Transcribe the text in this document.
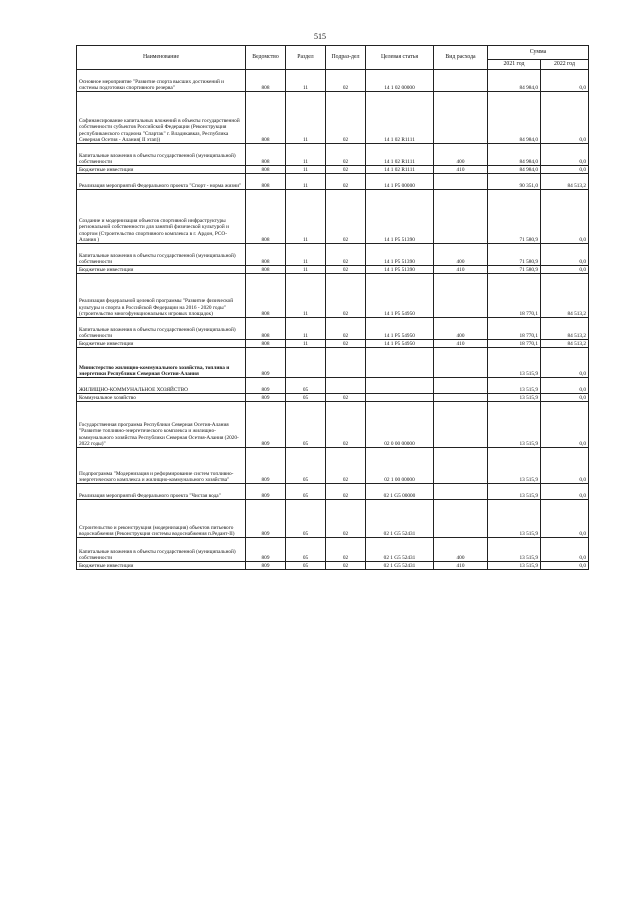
515
Наименование	Ведомство	Раздел	Подраз-дел	Целевая статья	Вид расхода	Сумма	
						2021 год	2022 год
Основное мероприятие "Развитие спорта высших достижений и системы подготовки спортивного резерва"	808	11	02	14 1 02 00000		84 984,0	0,0
Софинансирование капитальных вложений в объекты государственной собственности субъектов Российской Федерации (Реконструкция республиканского стадиона "Спартак" г. Владикавказ, Республика Северная Осетия - Алания( II этап))	808	11	02	14 1 02 R1111		84 984,0	0,0
Капитальные вложения в объекты государственной (муниципальной) собственности	808	11	02	14 1 02 R1111	400	84 984,0	0,0
Бюджетные инвестиции	808	11	02	14 1 02 R1111	410	84 984,0	0,0
Реализация мероприятий Федерального проекта "Спорт - норма жизни"	808	11	02	14 1 P5 00000		90 351,0	84 513,2
Создание и модернизация объектов спортивной инфраструктуры региональной собственности для занятий физической культурой и спортом (Строительство спортивного комплекса в г. Ардон, РСО-Алания )	808	11	02	14 1 P5 51390		71 580,9	0,0
Капитальные вложения в объекты государственной (муниципальной) собственности	808	11	02	14 1 P5 51390	400	71 580,9	0,0
Бюджетные инвестиции	808	11	02	14 1 P5 51390	410	71 580,9	0,0
Реализация федеральной целевой программы "Развитие физической культуры и спорта в Российской Федерации на 2016 - 2020 годы" (строительство многофункциональных игровых площадок)	808	11	02	14 1 P5 54950		18 770,1	84 513,2
Капитальные вложения в объекты государственной (муниципальной) собственности	808	11	02	14 1 P5 54950	400	18 770,1	84 513,2
Бюджетные инвестиции	808	11	02	14 1 P5 54950	410	18 770,1	84 513,2
Министерство жилищно-коммунального хозяйства, топлива и энергетики Республики Северная Осетия-Алания	809					13 515,9	0,0
ЖИЛИЩНО-КОММУНАЛЬНОЕ ХОЗЯЙСТВО	809	05				13 515,9	0,0
Коммунальное хозяйство	809	05	02			13 515,9	0,0
Государственная программа Республики Северная Осетия-Алания "Развитие топливно-энергетического комплекса и жилищно-коммунального хозяйства Республики Северная Осетия-Алания (2020-2022 годы)"	809	05	02	02 0 00 00000		13 515,9	0,0
Подпрограмма "Модернизация и реформирование систем топливно-энергетического комплекса и жилищно-коммунального хозяйства"	809	05	02	02 1 00 00000		13 515,9	0,0
Реализация мероприятий Федерального проекта "Чистая вода"	809	05	02	02 1 G5 00000		13 515,9	0,0
Строительство и реконструкция (модернизация) объектов питьевого водоснабжения (Реконструкция системы водоснабжения п.Редант-II)	809	05	02	02 1 G5 52431		13 515,9	0,0
Капитальные вложения в объекты государственной (муниципальной) собственности	809	05	02	02 1 G5 52431	400	13 515,9	0,0
Бюджетные инвестиции	809	05	02	02 1 G5 52431	410	13 515,9	0,0
